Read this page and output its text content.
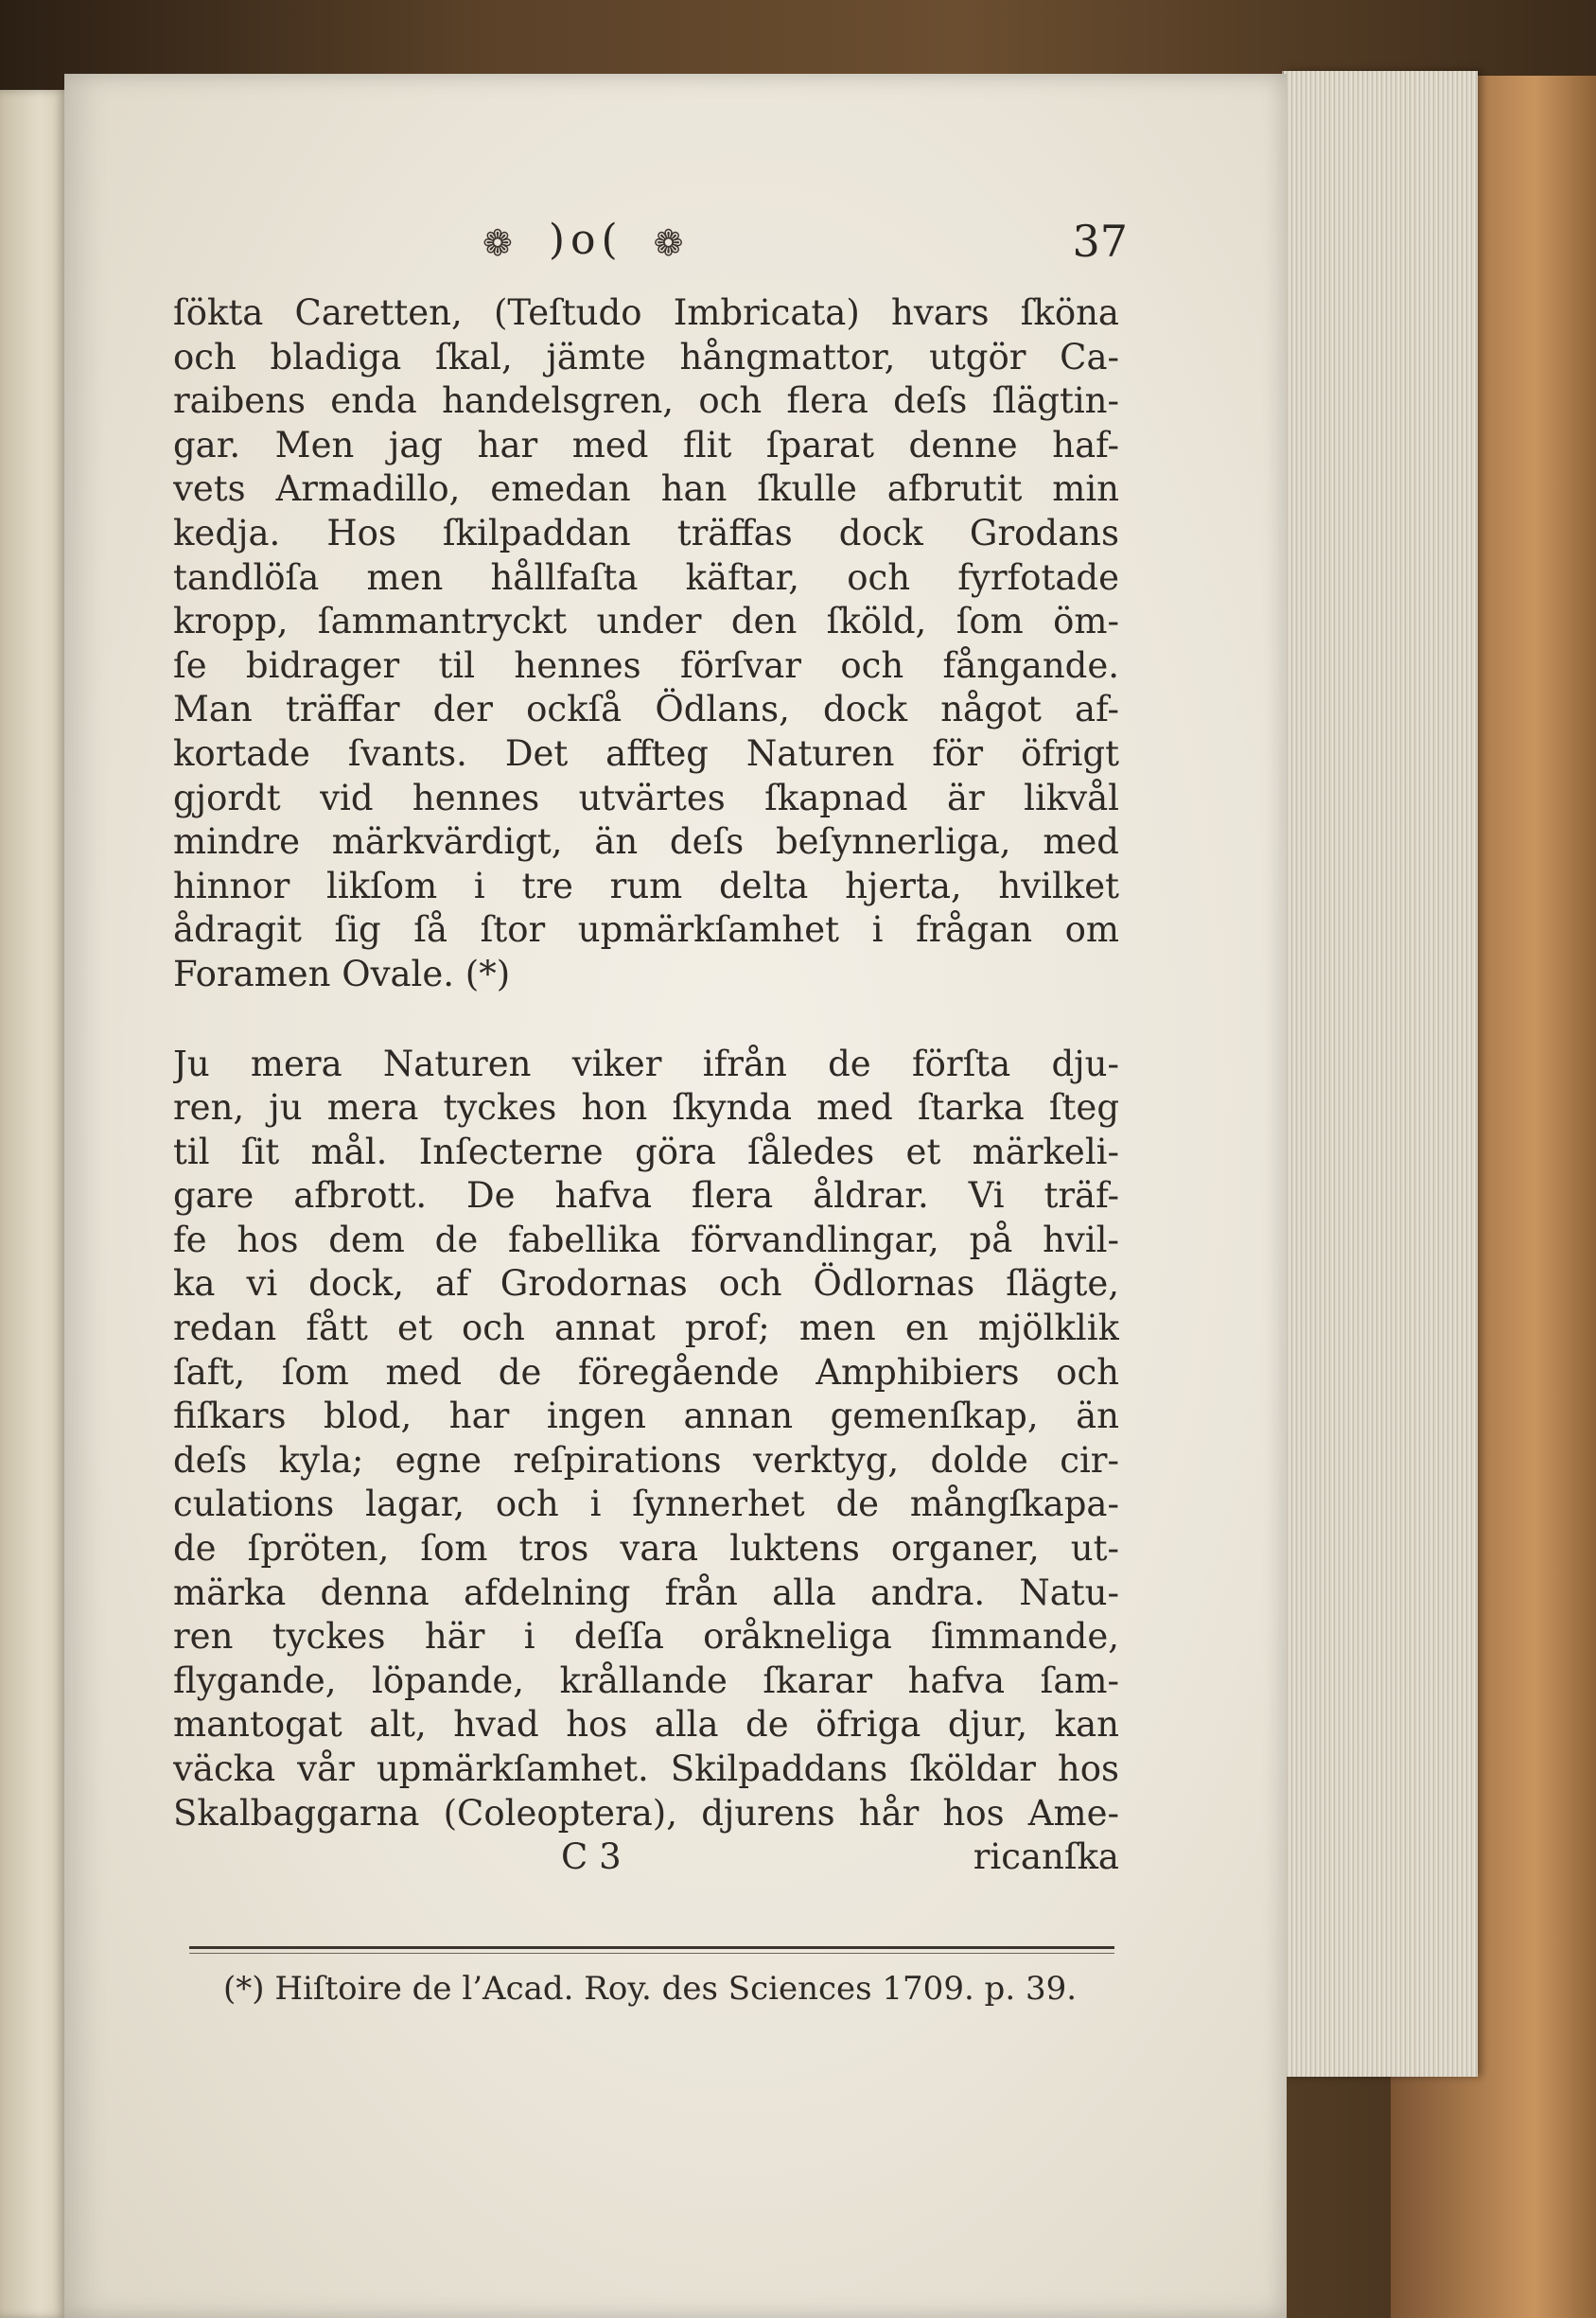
❁ )o( ❁	37
ſökta Caretten, (Teſtudo Imbricata) hvars ſköna
och bladiga ſkal, jämte hångmattor, utgör Ca-
raibens enda handelsgren, och flera deſs ſlägtin-
gar. Men jag har med flit ſparat denne haf-
vets Armadillo, emedan han ſkulle afbrutit min
kedja. Hos ſkilpaddan träffas dock Grodans
tandlöſa men hållfaſta käftar, och fyrfotade
kropp, ſammantryckt under den ſköld, ſom öm-
ſe bidrager til hennes förſvar och fångande.
Man träffar der ockſå Ödlans, dock något af-
kortade ſvants. Det affteg Naturen för öfrigt
gjordt vid hennes utvärtes ſkapnad är likvål
mindre märkvärdigt, än deſs beſynnerliga, med
hinnor likſom i tre rum delta hjerta, hvilket
ådragit ſig ſå ſtor upmärkſamhet i frågan om
Foramen Ovale. (*)
Ju mera Naturen viker ifrån de förſta dju-
ren, ju mera tyckes hon ſkynda med ſtarka ſteg
til ſit mål. Inſecterne göra ſåledes et märkeli-
gare afbrott. De hafva flera åldrar. Vi träf-
fe hos dem de fabellika förvandlingar, på hvil-
ka vi dock, af Grodornas och Ödlornas ſlägte,
redan fått et och annat prof; men en mjölklik
ſaft, ſom med de föregående Amphibiers och
fiſkars blod, har ingen annan gemenſkap, än
deſs kyla; egne reſpirations verktyg, dolde cir-
culations lagar, och i ſynnerhet de mångſkapa-
de ſpröten, ſom tros vara luktens organer, ut-
märka denna afdelning från alla andra. Natu-
ren tyckes här i deſſa oråkneliga ſimmande,
flygande, löpande, krållande ſkarar hafva ſam-
mantogat alt, hvad hos alla de öfriga djur, kan
väcka vår upmärkſamhet. Skilpaddans ſköldar hos
Skalbaggarna (Coleoptera), djurens hår hos Ame-
C 3	ricanſka
(*) Hiſtoire de l’Acad. Roy. des Sciences 1709. p. 39.
